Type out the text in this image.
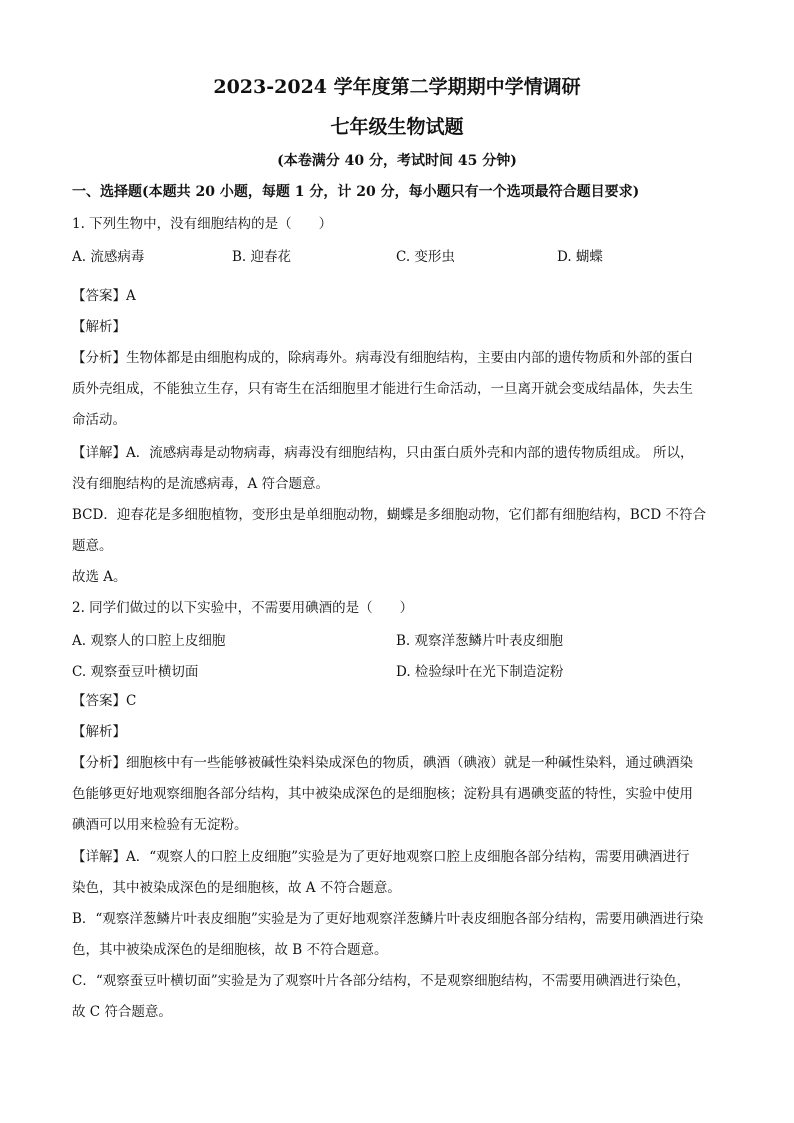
2023-2024 学年度第二学期期中学情调研
七年级生物试题
(本卷满分 40 分，考试时间 45 分钟)
一、选择题(本题共 20 小题，每题 1 分，计 20 分，每小题只有一个选项最符合题目要求)
1. 下列生物中，没有细胞结构的是（　　）
A. 流感病毒	B. 迎春花	C. 变形虫	D. 蝴蝶
【答案】A
【解析】
【分析】生物体都是由细胞构成的，除病毒外。病毒没有细胞结构，主要由内部的遗传物质和外部的蛋白
质外壳组成，不能独立生存，只有寄生在活细胞里才能进行生命活动，一旦离开就会变成结晶体，失去生
命活动。
【详解】A．流感病毒是动物病毒，病毒没有细胞结构，只由蛋白质外壳和内部的遗传物质组成。 所以，
没有细胞结构的是流感病毒，A 符合题意。
BCD．迎春花是多细胞植物，变形虫是单细胞动物，蝴蝶是多细胞动物，它们都有细胞结构，BCD 不符合
题意。
故选 A。
2. 同学们做过的以下实验中，不需要用碘酒的是（　　）
A. 观察人的口腔上皮细胞	B. 观察洋葱鳞片叶表皮细胞
C. 观察蚕豆叶横切面	D. 检验绿叶在光下制造淀粉
【答案】C
【解析】
【分析】细胞核中有一些能够被碱性染料染成深色的物质，碘酒（碘液）就是一种碱性染料，通过碘酒染
色能够更好地观察细胞各部分结构，其中被染成深色的是细胞核；淀粉具有遇碘变蓝的特性，实验中使用
碘酒可以用来检验有无淀粉。
【详解】A．“观察人的口腔上皮细胞”实验是为了更好地观察口腔上皮细胞各部分结构，需要用碘酒进行
染色，其中被染成深色的是细胞核，故 A 不符合题意。
B．“观察洋葱鳞片叶表皮细胞”实验是为了更好地观察洋葱鳞片叶表皮细胞各部分结构，需要用碘酒进行染
色，其中被染成深色的是细胞核，故 B 不符合题意。
C．“观察蚕豆叶横切面”实验是为了观察叶片各部分结构，不是观察细胞结构，不需要用碘酒进行染色，
故 C 符合题意。
